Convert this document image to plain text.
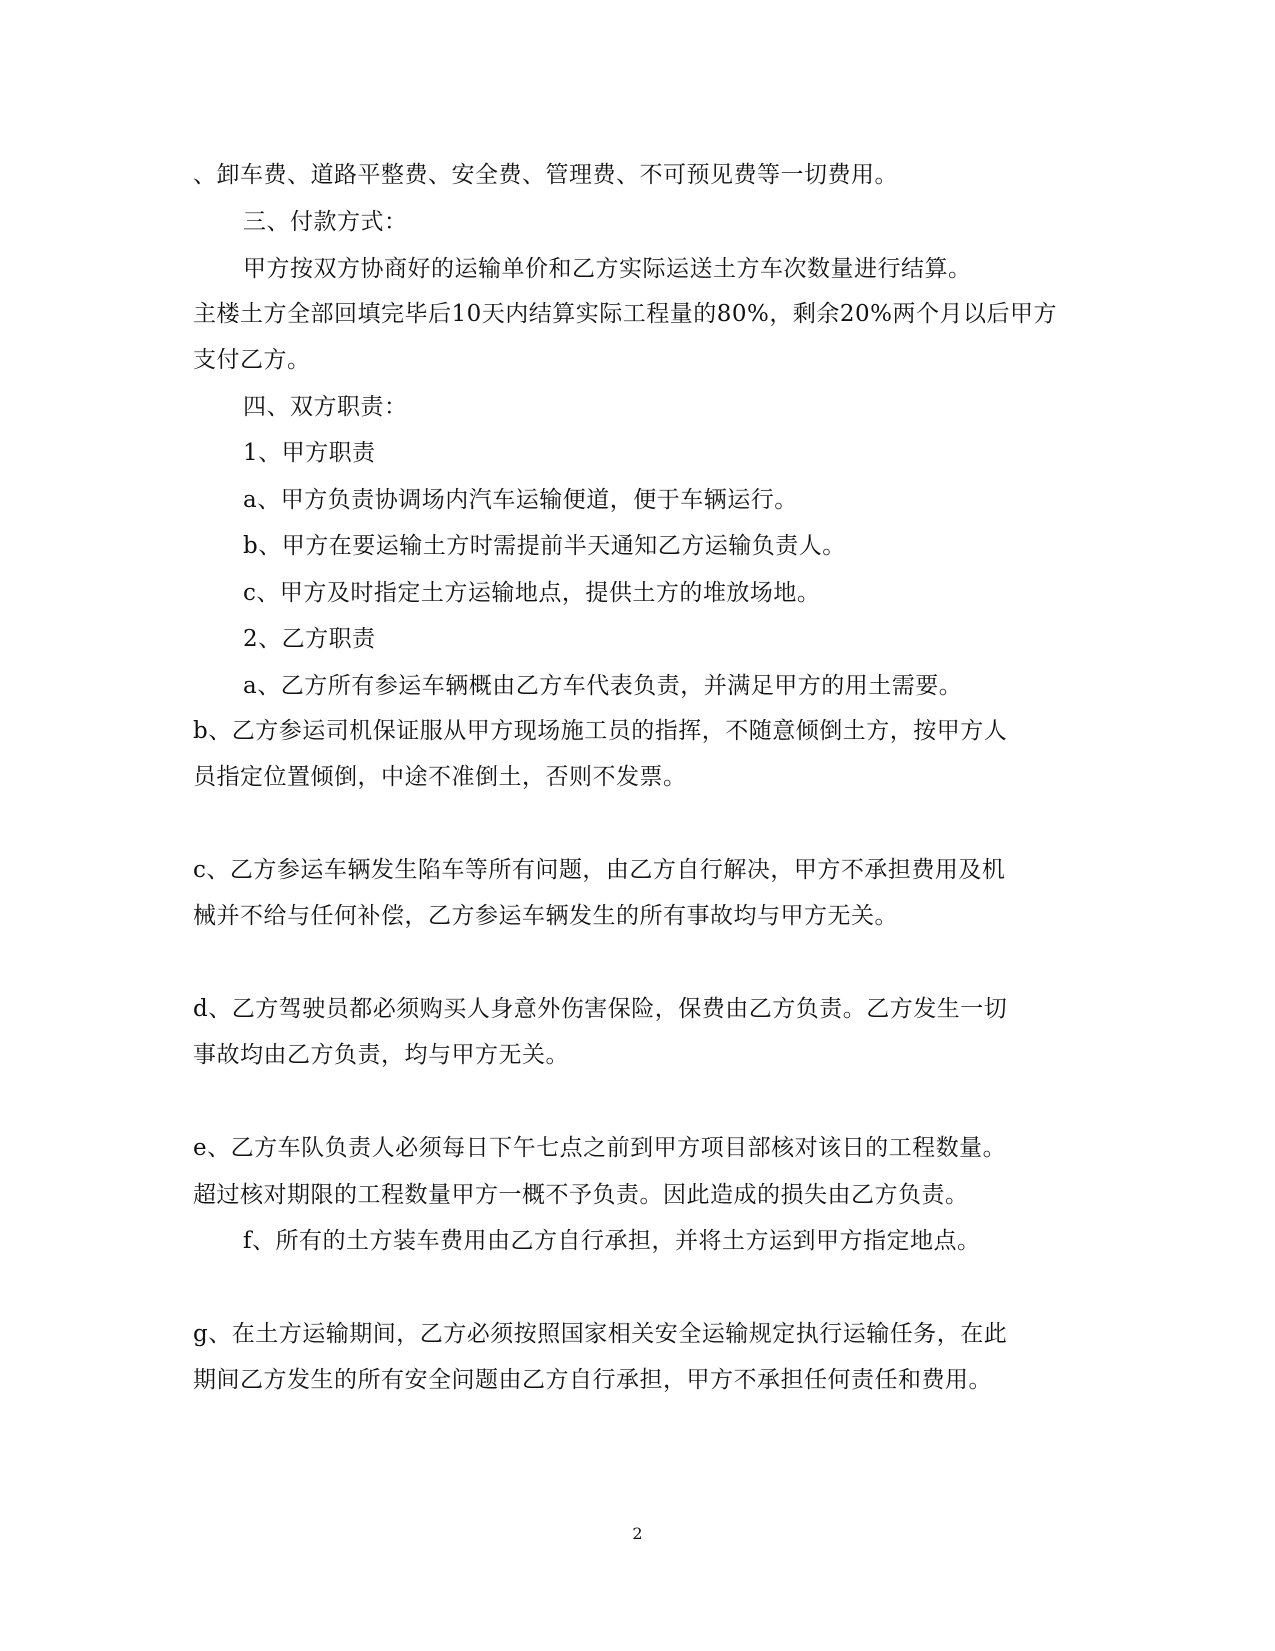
、卸车费、道路平整费、安全费、管理费、不可预见费等一切费用。
三、付款方式：
甲方按双方协商好的运输单价和乙方实际运送土方车次数量进行结算。
主楼土方全部回填完毕后10天内结算实际工程量的80%，剩余20%两个月以后甲方
支付乙方。
四、双方职责：
1、甲方职责
a、甲方负责协调场内汽车运输便道，便于车辆运行。
b、甲方在要运输土方时需提前半天通知乙方运输负责人。
c、甲方及时指定土方运输地点，提供土方的堆放场地。
2、乙方职责
a、乙方所有参运车辆概由乙方车代表负责，并满足甲方的用土需要。
b、乙方参运司机保证服从甲方现场施工员的指挥，不随意倾倒土方，按甲方人
员指定位置倾倒，中途不准倒土，否则不发票。
c、乙方参运车辆发生陷车等所有问题，由乙方自行解决，甲方不承担费用及机
械并不给与任何补偿，乙方参运车辆发生的所有事故均与甲方无关。
d、乙方驾驶员都必须购买人身意外伤害保险，保费由乙方负责。乙方发生一切
事故均由乙方负责，均与甲方无关。
e、乙方车队负责人必须每日下午七点之前到甲方项目部核对该日的工程数量。
超过核对期限的工程数量甲方一概不予负责。因此造成的损失由乙方负责。
f、所有的土方装车费用由乙方自行承担，并将土方运到甲方指定地点。
g、在土方运输期间，乙方必须按照国家相关安全运输规定执行运输任务，在此
期间乙方发生的所有安全问题由乙方自行承担，甲方不承担任何责任和费用。
2
